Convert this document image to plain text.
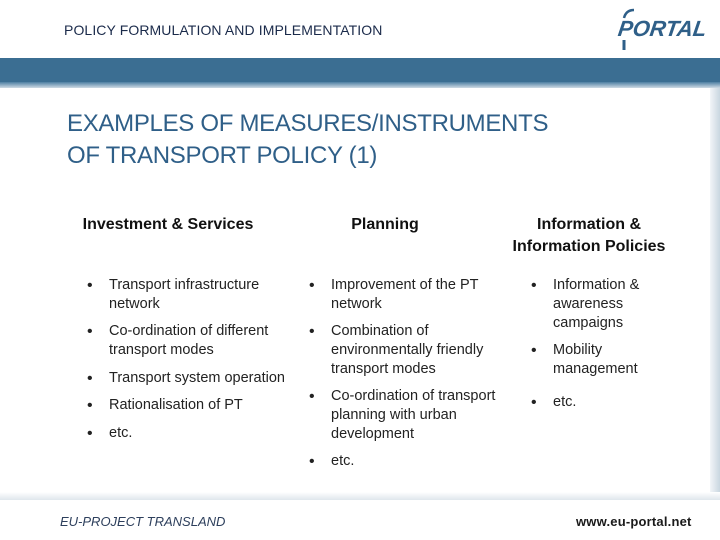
POLICY FORMULATION AND IMPLEMENTATION	PORTAL
EXAMPLES OF MEASURES/INSTRUMENTS
OF TRANSPORT POLICY (1)
Investment & Services	Planning	Information &
Information Policies
• Transport infrastructure network
• Co-ordination of different transport modes
• Transport system operation
• Rationalisation of PT
• etc.
• Improvement of the PT network
• Combination of environmentally friendly transport modes
• Co-ordination of transport planning with urban development
• etc.
• Information & awareness campaigns
• Mobility management
• etc.
EU-PROJECT TRANSLAND	www.eu-portal.net
